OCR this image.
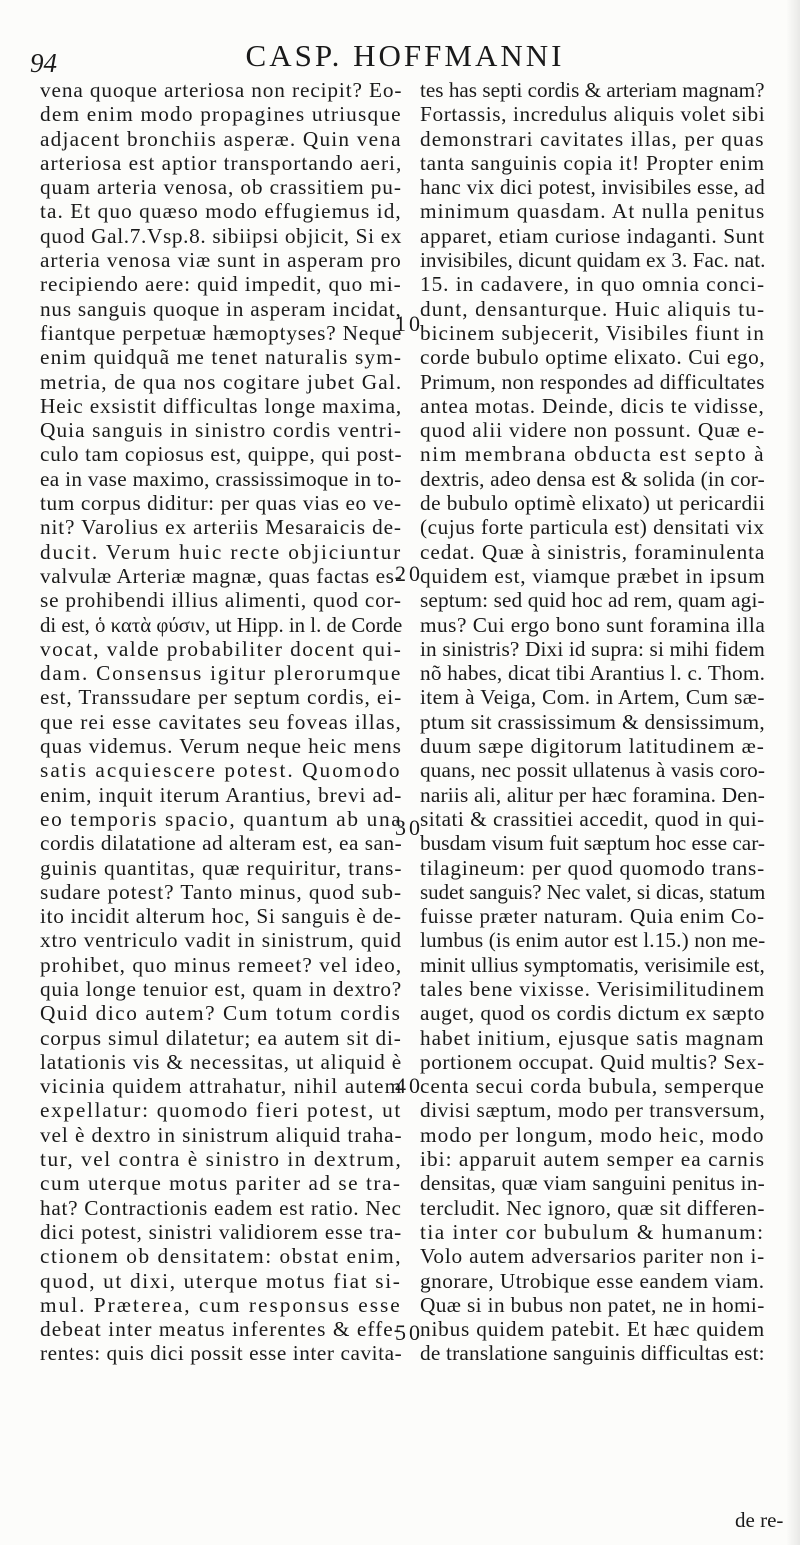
94	CASP. HOFFMANNI
vena quoque arteriosa non recipit? Eo-
dem enim modo propagines utriusque
adjacent bronchiis asperæ. Quin vena
arteriosa est aptior transportando aeri,
quam arteria venosa, ob crassitiem pu-
ta. Et quo quæso modo effugiemus id,
quod Gal.7.Vsp.8. sibiipsi objicit, Si ex
arteria venosa viæ sunt in asperam pro
recipiendo aere: quid impedit, quo mi-
nus sanguis quoque in asperam incidat,
fiantque perpetuæ hæmoptyses? Neque
enim quidquã me tenet naturalis sym-
metria, de qua nos cogitare jubet Gal.
Heic exsistit difficultas longe maxima,
Quia sanguis in sinistro cordis ventri-
culo tam copiosus est, quippe, qui post-
ea in vase maximo, crassissimoque in to-
tum corpus diditur: per quas vias eo ve-
nit? Varolius ex arteriis Mesaraicis de-
ducit. Verum huic recte objiciuntur
valvulæ Arteriæ magnæ, quas factas es-
se prohibendi illius alimenti, quod cor-
di est, ὁ κατὰ φύσιν, ut Hipp. in l. de Corde
vocat, valde probabiliter docent qui-
dam. Consensus igitur plerorumque
est, Transsudare per septum cordis, ei-
que rei esse cavitates seu foveas illas,
quas videmus. Verum neque heic mens
satis acquiescere potest. Quomodo
enim, inquit iterum Arantius, brevi ad-
eo temporis spacio, quantum ab una
cordis dilatatione ad alteram est, ea san-
guinis quantitas, quæ requiritur, trans-
sudare potest? Tanto minus, quod sub-
ito incidit alterum hoc, Si sanguis è de-
xtro ventriculo vadit in sinistrum, quid
prohibet, quo minus remeet? vel ideo,
quia longe tenuior est, quam in dextro?
Quid dico autem? Cum totum cordis
corpus simul dilatetur; ea autem sit di-
latationis vis & necessitas, ut aliquid è
vicinia quidem attrahatur, nihil autem
expellatur: quomodo fieri potest, ut
vel è dextro in sinistrum aliquid traha-
tur, vel contra è sinistro in dextrum,
cum uterque motus pariter ad se tra-
hat? Contractionis eadem est ratio. Nec
dici potest, sinistri validiorem esse tra-
ctionem ob densitatem: obstat enim,
quod, ut dixi, uterque motus fiat si-
mul. Præterea, cum responsus esse
debeat inter meatus inferentes & effe-
rentes: quis dici possit esse inter cavita-
tes has septi cordis & arteriam magnam?
Fortassis, incredulus aliquis volet sibi
demonstrari cavitates illas, per quas
tanta sanguinis copia it! Propter enim
hanc vix dici potest, invisibiles esse, ad
minimum quasdam. At nulla penitus
apparet, etiam curiose indaganti. Sunt
invisibiles, dicunt quidam ex 3. Fac. nat.
15. in cadavere, in quo omnia conci-
dunt, densanturque. Huic aliquis tu-
bicinem subjecerit, Visibiles fiunt in
corde bubulo optime elixato. Cui ego,
Primum, non respondes ad difficultates
antea motas. Deinde, dicis te vidisse,
quod alii videre non possunt. Quæ e-
nim membrana obducta est septo à
dextris, adeo densa est & solida (in cor-
de bubulo optimè elixato) ut pericardii
(cujus forte particula est) densitati vix
cedat. Quæ à sinistris, foraminulenta
quidem est, viamque præbet in ipsum
septum: sed quid hoc ad rem, quam agi-
mus? Cui ergo bono sunt foramina illa
in sinistris? Dixi id supra: si mihi fidem
nõ habes, dicat tibi Arantius l. c. Thom.
item à Veiga, Com. in Artem, Cum sæ-
ptum sit crassissimum & densissimum,
duum sæpe digitorum latitudinem æ-
quans, nec possit ullatenus à vasis coro-
nariis ali, alitur per hæc foramina. Den-
sitati & crassitiei accedit, quod in qui-
busdam visum fuit sæptum hoc esse car-
tilagineum: per quod quomodo trans-
sudet sanguis? Nec valet, si dicas, statum
fuisse præter naturam. Quia enim Co-
lumbus (is enim autor est l.15.) non me-
minit ullius symptomatis, verisimile est,
tales bene vixisse. Verisimilitudinem
auget, quod os cordis dictum ex sæpto
habet initium, ejusque satis magnam
portionem occupat. Quid multis? Sex-
centa secui corda bubula, semperque
divisi sæptum, modo per transversum,
modo per longum, modo heic, modo
ibi: apparuit autem semper ea carnis
densitas, quæ viam sanguini penitus in-
tercludit. Nec ignoro, quæ sit differen-
tia inter cor bubulum & humanum:
Volo autem adversarios pariter non i-
gnorare, Utrobique esse eandem viam.
Quæ si in bubus non patet, ne in homi-
nibus quidem patebit. Et hæc quidem
de translatione sanguinis difficultas est:
10
20
30
40
50
de re-
